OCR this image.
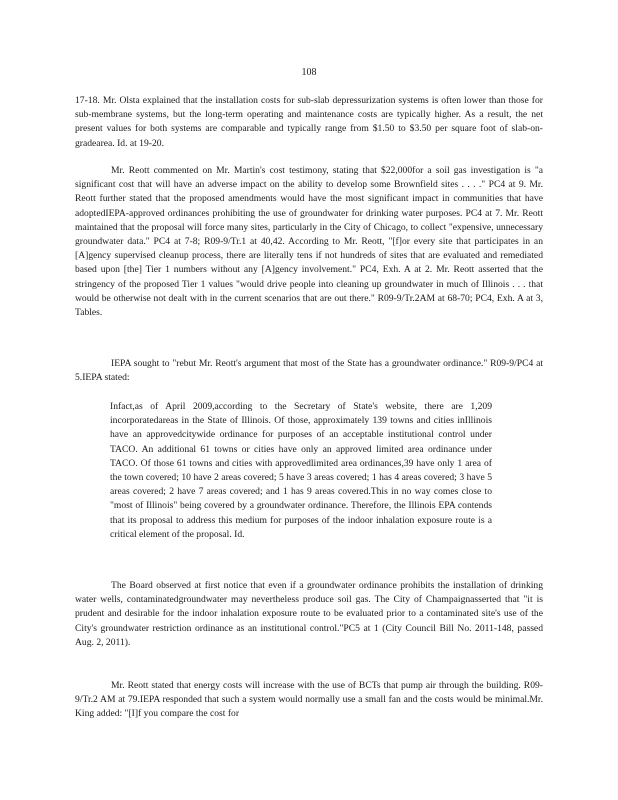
108

17-18. Mr. Olsta explained that the installation costs for sub-slab depressurization systems is often lower than those for sub-membrane systems, but the long-term operating and maintenance costs are typically higher. As a result, the net present values for both systems are comparable and typically range from $1.50 to $3.50 per square foot of slab-on-gradearea. Id. at 19-20.

Mr. Reott commented on Mr. Martin's cost testimony, stating that $22,000for a soil gas investigation is "a significant cost that will have an adverse impact on the ability to develop some Brownfield sites . . . ." PC4 at 9. Mr. Reott further stated that the proposed amendments would have the most significant impact in communities that have adoptedIEPA-approved ordinances prohibiting the use of groundwater for drinking water purposes. PC4 at 7. Mr. Reott maintained that the proposal will force many sites, particularly in the City of Chicago, to collect "expensive, unnecessary groundwater data." PC4 at 7-8; R09-9/Tr.1 at 40,42. According to Mr. Reott, "[f]or every site that participates in an [A]gency supervised cleanup process, there are literally tens if not hundreds of sites that are evaluated and remediated based upon [the] Tier 1 numbers without any [A]gency involvement." PC4, Exh. A at 2. Mr. Reott asserted that the stringency of the proposed Tier 1 values "would drive people into cleaning up groundwater in much of Illinois . . . that would be otherwise not dealt with in the current scenarios that are out there." R09-9/Tr.2AM at 68-70; PC4, Exh. A at 3, Tables.

IEPA sought to "rebut Mr. Reott's argument that most of the State has a groundwater ordinance." R09-9/PC4 at 5.IEPA stated:

Infact,as of April 2009,according to the Secretary of State's website, there are 1,209 incorporatedareas in the State of Illinois. Of those, approximately 139 towns and cities inIllinois have an approvedcitywide ordinance for purposes of an acceptable institutional control under TACO. An additional 61 towns or cities have only an approved limited area ordinance under TACO. Of those 61 towns and cities with approvedlimited area ordinances,39 have only 1 area of the town covered; 10 have 2 areas covered; 5 have 3 areas covered; 1 has 4 areas covered; 3 have 5 areas covered; 2 have 7 areas covered; and 1 has 9 areas covered.This in no way comes close to "most of Illinois" being covered by a groundwater ordinance. Therefore, the Illinois EPA contends that its proposal to address this medium for purposes of the indoor inhalation exposure route is a critical element of the proposal. Id.

The Board observed at first notice that even if a groundwater ordinance prohibits the installation of drinking water wells, contaminatedgroundwater may nevertheless produce soil gas. The City of Champaignasserted that "it is prudent and desirable for the indoor inhalation exposure route to be evaluated prior to a contaminated site's use of the City's groundwater restriction ordinance as an institutional control."PC5 at 1 (City Council Bill No. 2011-148, passed Aug. 2, 2011).

Mr. Reott stated that energy costs will increase with the use of BCTs that pump air through the building. R09-9/Tr.2 AM at 79.IEPA responded that such a system would normally use a small fan and the costs would be minimal.Mr. King added: "[I]f you compare the cost for
